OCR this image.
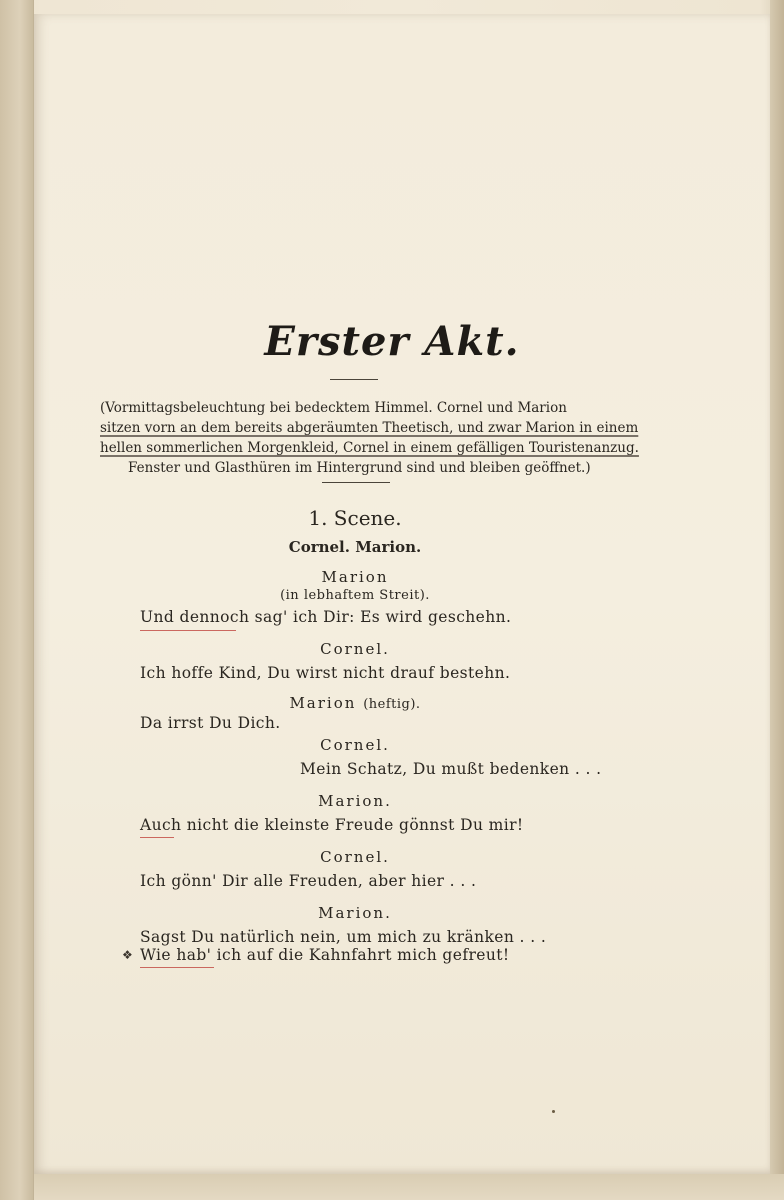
Erster Akt.
(Vormittagsbeleuchtung bei bedecktem Himmel. Cornel und Marion
sitzen vorn an dem bereits abgeräumten Theetisch, und zwar Marion in einem
hellen sommerlichen Morgenkleid, Cornel in einem gefälligen Touristenanzug.
Fenster und Glasthüren im Hintergrund sind und bleiben geöffnet.)
1. Scene.
Cornel. Marion.
Marion
(in lebhaftem Streit).
Und dennoch sag' ich Dir: Es wird geschehn.
Cornel.
Ich hoffe Kind, Du wirst nicht drauf bestehn.
Marion (heftig).
Da irrst Du Dich.
Cornel.
Mein Schatz, Du mußt bedenken . . .
Marion.
Auch nicht die kleinste Freude gönnst Du mir!
Cornel.
Ich gönn' Dir alle Freuden, aber hier . . .
Marion.
Sagst Du natürlich nein, um mich zu kränken . . .
❖ Wie hab' ich auf die Kahnfahrt mich gefreut!
